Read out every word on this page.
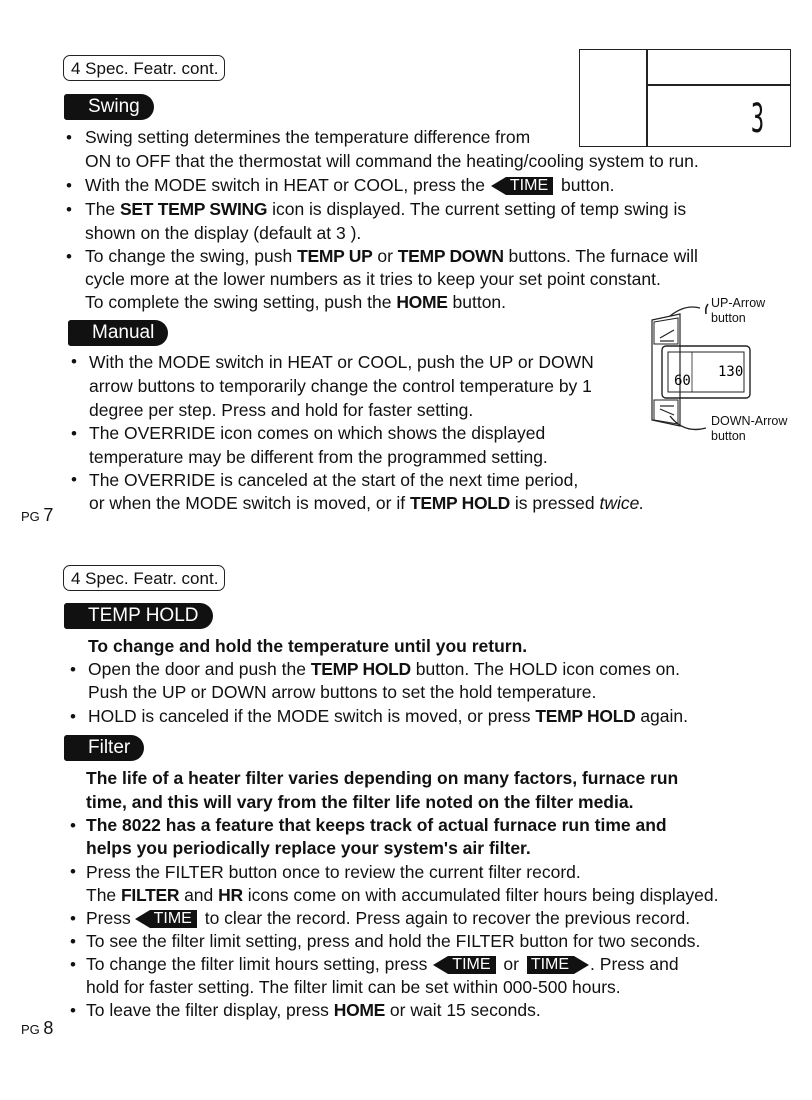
4 Spec. Featr. cont.
3
Swing
• Swing setting determines the temperature difference from
ON to OFF that the thermostat will command the heating/cooling system to run.
• With the MODE switch in HEAT or COOL, press the TIME button.
• The SET TEMP SWING icon is displayed. The current setting of temp swing is
shown on the display (default at 3 ).
• To change the swing, push TEMP UP or TEMP DOWN buttons. The furnace will
cycle more at the lower numbers as it tries to keep your set point constant.
To complete the swing setting, push the HOME button.
Manual
• With the MODE switch in HEAT or COOL, push the UP or DOWN
arrow buttons to temporarily change the control temperature by 1
degree per step. Press and hold for faster setting.
• The OVERRIDE icon comes on which shows the displayed
temperature may be different from the programmed setting.
• The OVERRIDE is canceled at the start of the next time period,
or when the MODE switch is moved, or if TEMP HOLD is pressed twice.
60
130
UP-Arrow
button
DOWN-Arrow
button
PG 7
4 Spec. Featr. cont.
TEMP HOLD
To change and hold the temperature until you return.
• Open the door and push the TEMP HOLD button. The HOLD icon comes on.
Push the UP or DOWN arrow buttons to set the hold temperature.
• HOLD is canceled if the MODE switch is moved, or press TEMP HOLD again.
Filter
The life of a heater filter varies depending on many factors, furnace run
time, and this will vary from the filter life noted on the filter media.
• The 8022 has a feature that keeps track of actual furnace run time and
helps you periodically replace your system's air filter.
• Press the FILTER button once to review the current filter record.
The FILTER and HR icons come on with accumulated filter hours being displayed.
• Press TIME to clear the record. Press again to recover the previous record.
• To see the filter limit setting, press and hold the FILTER button for two seconds.
• To change the filter limit hours setting, press TIME or TIME . Press and
hold for faster setting. The filter limit can be set within 000-500 hours.
• To leave the filter display, press HOME or wait 15 seconds.
PG 8
